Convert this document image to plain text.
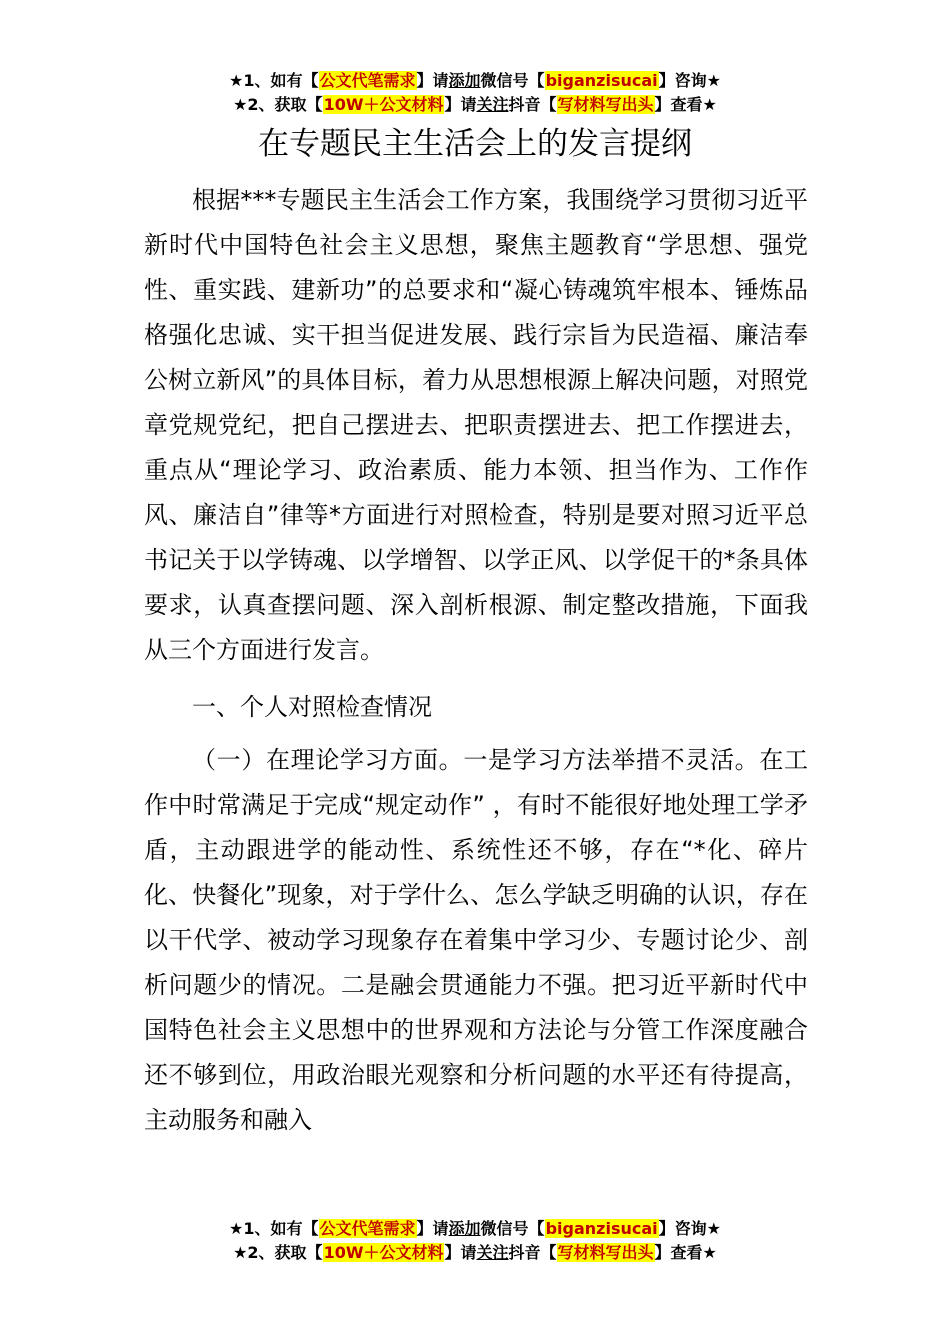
★1、如有【公文代笔需求】请添加微信号【biganzisucai】咨询★
★2、获取【10W＋公文材料】请关注抖音【写材料写出头】查看★
在专题民主生活会上的发言提纲

根据***专题民主生活会工作方案，我围绕学习贯彻习近平新时代中国特色社会主义思想，聚焦主题教育“学思想、强党性、重实践、建新功”的总要求和“凝心铸魂筑牢根本、锤炼品格强化忠诚、实干担当促进发展、践行宗旨为民造福、廉洁奉公树立新风”的具体目标，着力从思想根源上解决问题，对照党章党规党纪，把自己摆进去、把职责摆进去、把工作摆进去，重点从“理论学习、政治素质、能力本领、担当作为、工作作风、廉洁自”律等*方面进行对照检查，特别是要对照习近平总书记关于以学铸魂、以学增智、以学正风、以学促干的*条具体要求，认真查摆问题、深入剖析根源、制定整改措施，下面我从三个方面进行发言。

一、个人对照检查情况

（一）在理论学习方面。一是学习方法举措不灵活。在工作中时常满足于完成“规定动作” ，有时不能很好地处理工学矛盾，主动跟进学的能动性、系统性还不够，存在“*化、碎片化、快餐化”现象，对于学什么、怎么学缺乏明确的认识，存在以干代学、被动学习现象存在着集中学习少、专题讨论少、剖析问题少的情况。二是融会贯通能力不强。把习近平新时代中国特色社会主义思想中的世界观和方法论与分管工作深度融合还不够到位，用政治眼光观察和分析问题的水平还有待提高，主动服务和融入

★1、如有【公文代笔需求】请添加微信号【biganzisucai】咨询★
★2、获取【10W＋公文材料】请关注抖音【写材料写出头】查看★
